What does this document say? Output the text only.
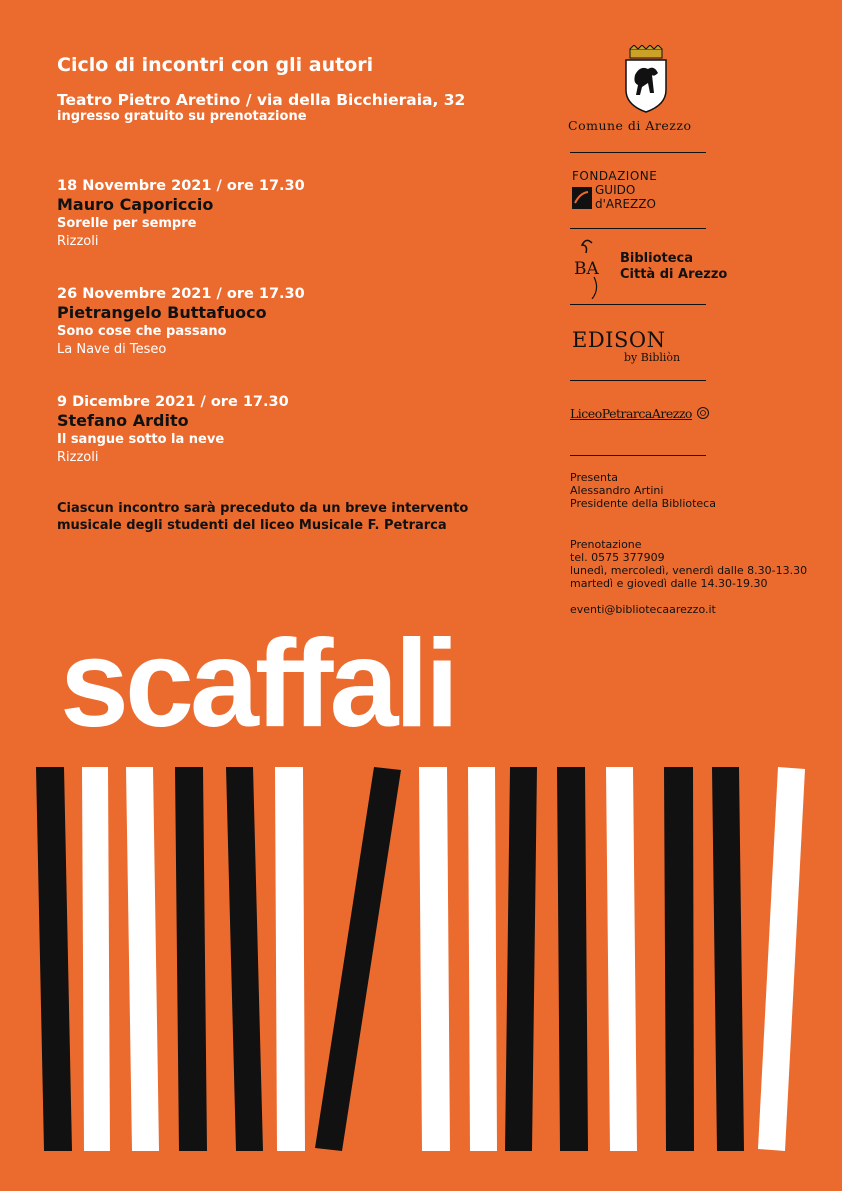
Ciclo di incontri con gli autori
Teatro Pietro Aretino / via della Bicchieraia, 32
ingresso gratuito su prenotazione
18 Novembre 2021 / ore 17.30
Mauro Caporiccio
Sorelle per sempre
Rizzoli
26 Novembre 2021 / ore 17.30
Pietrangelo Buttafuoco
Sono cose che passano
La Nave di Teseo
9 Dicembre 2021 / ore 17.30
Stefano Ardito
Il sangue sotto la neve
Rizzoli
Ciascun incontro sarà preceduto da un breve intervento musicale degli studenti del liceo Musicale F. Petrarca
Comune di Arezzo
FONDAZIONE
GUIDO
d'AREZZO
BA
Biblioteca
Città di Arezzo
EDISON
by Bibliòn
LiceoPetrarcaArezzo
Presenta
Alessandro Artini
Presidente della Biblioteca
Prenotazione
tel. 0575 377909
lunedì, mercoledì, venerdì dalle 8.30-13.30
martedì e giovedì dalle 14.30-19.30
eventi@bibliotecaarezzo.it
scaffali
